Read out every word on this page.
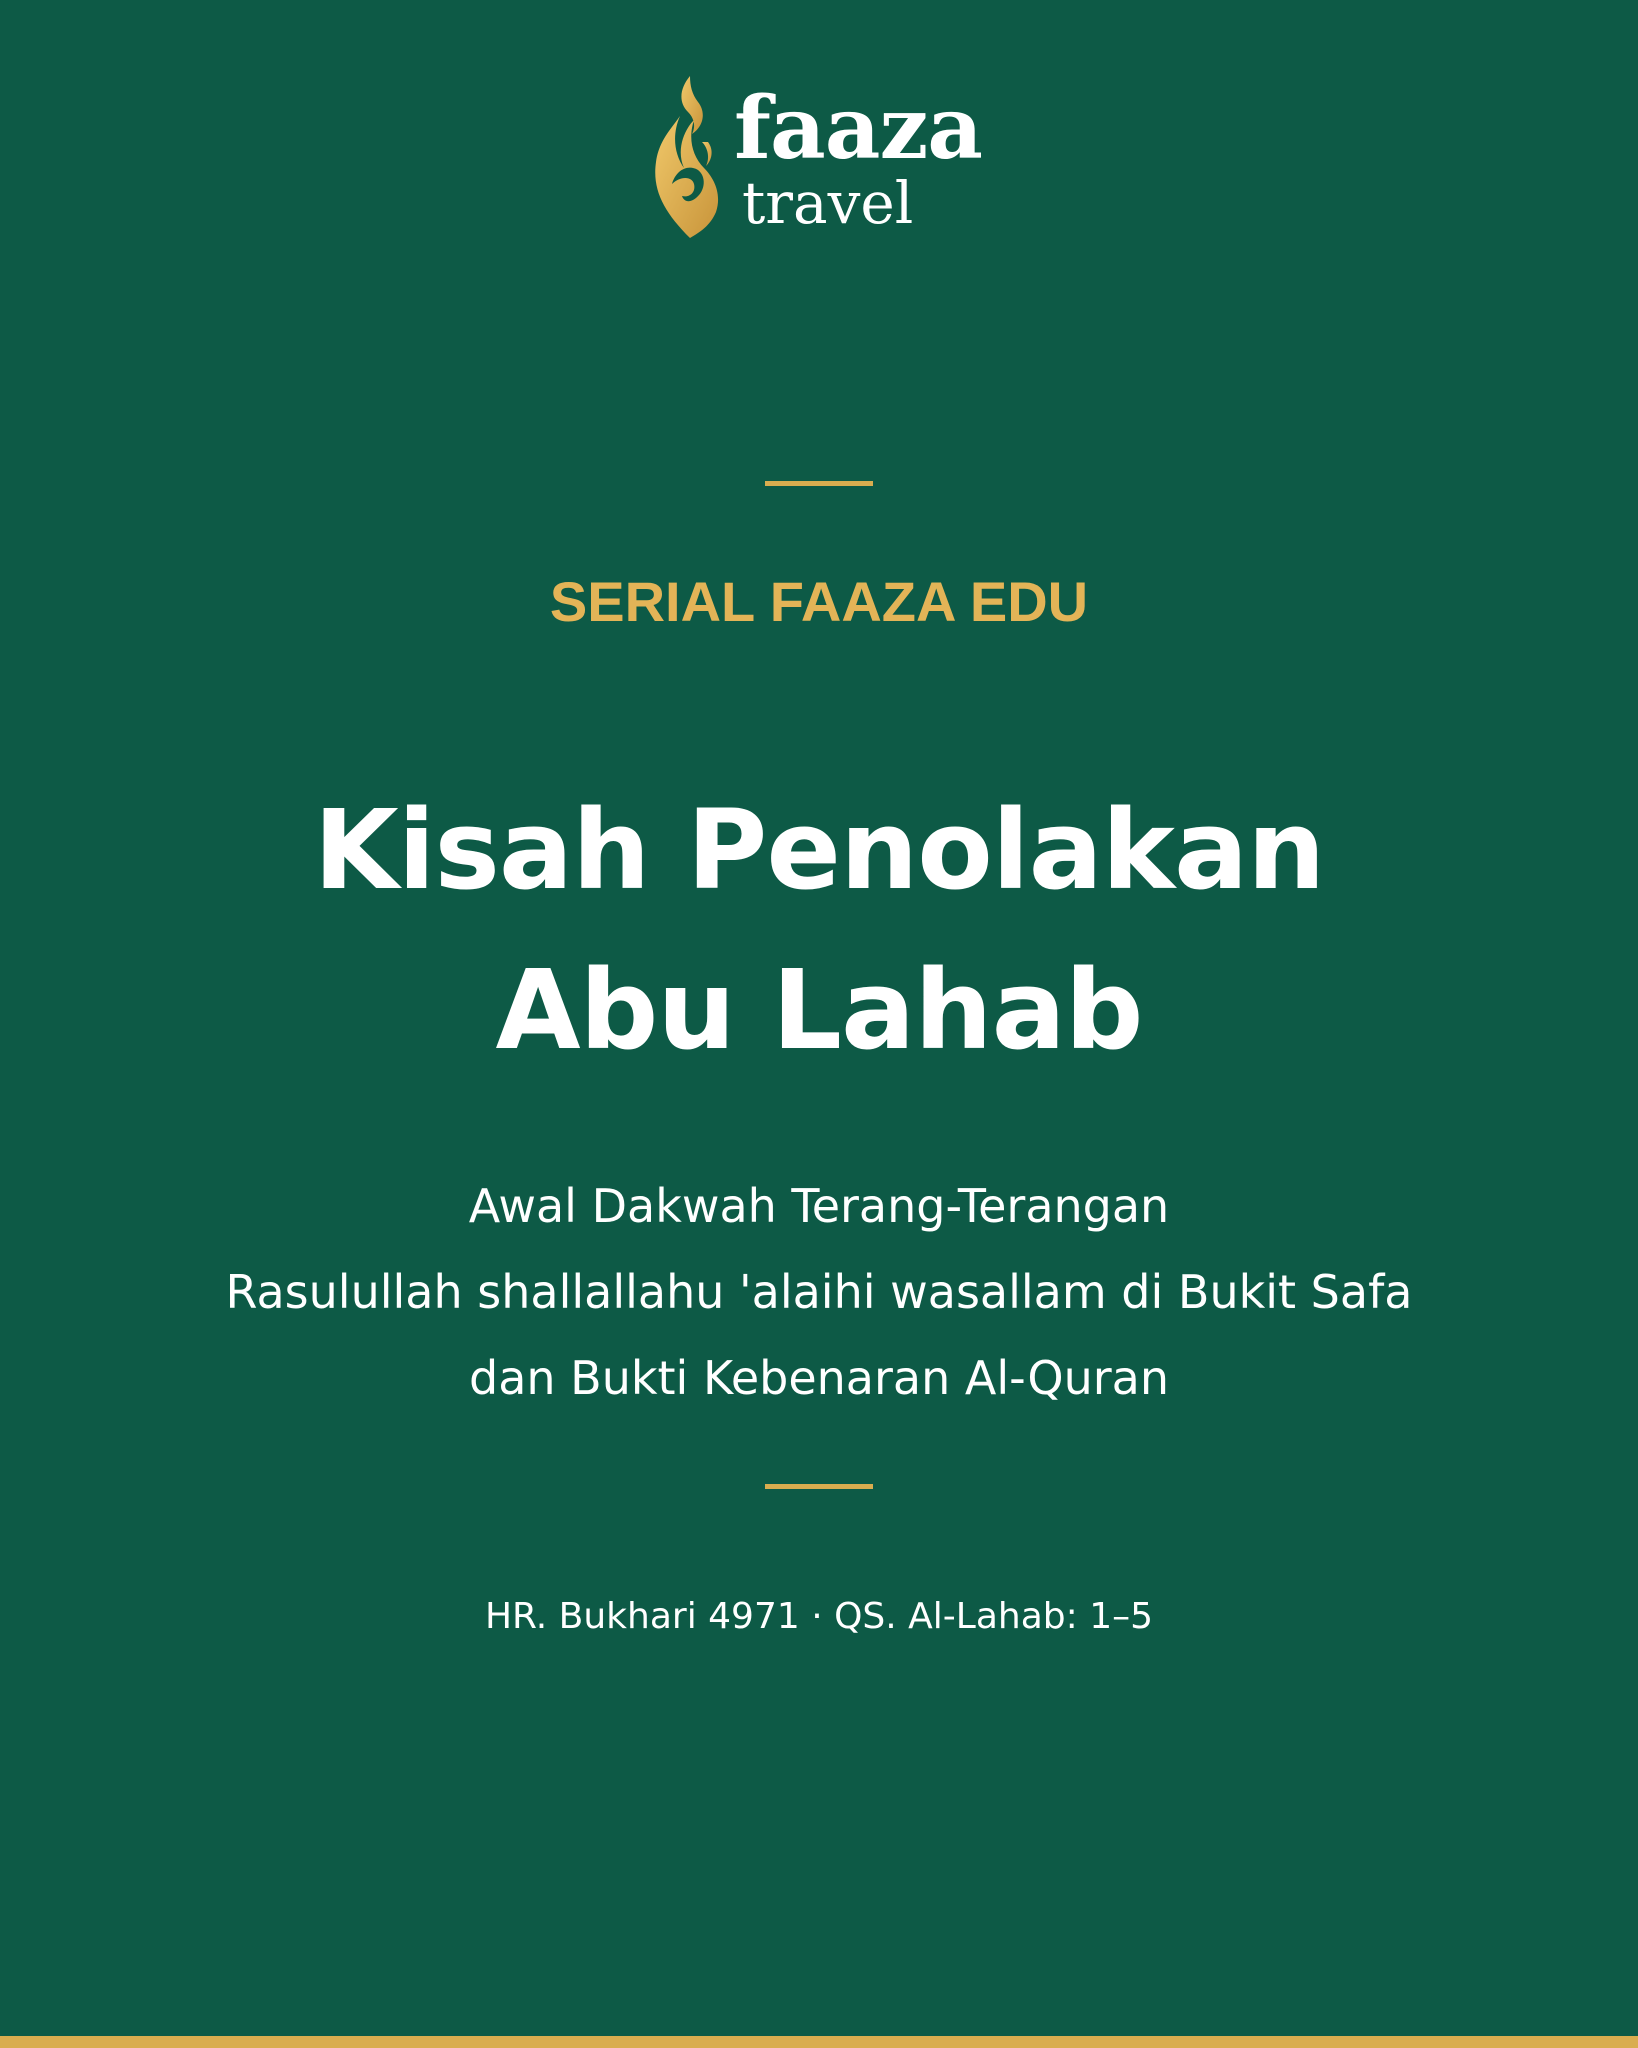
faaza
travel
SERIAL FAAZA EDU
Kisah Penolakan
Abu Lahab
Awal Dakwah Terang-Terangan
Rasulullah shallallahu 'alaihi wasallam di Bukit Safa
dan Bukti Kebenaran Al-Quran
HR. Bukhari 4971 · QS. Al-Lahab: 1–5
